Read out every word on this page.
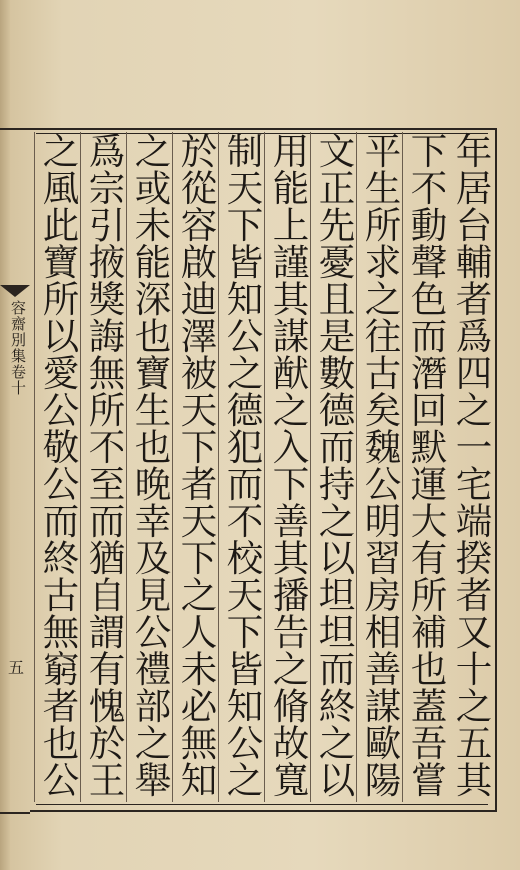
容齋別集卷十
五
年居台輔者爲四之一宅端揆者又十之五其
下不動聲色而潛回默運大有所補也蓋吾嘗
平生所求之往古矣魏公明習房相善謀歐陽
文正先憂且是數德而持之以坦坦而終之以
用能上謹其謀猷之入下善其播告之脩故寬
制天下皆知公之德犯而不校天下皆知公之
於從容啟迪澤被天下者天下之人未必無知
之或未能深也寶生也晚幸及見公禮部之舉
爲宗引掖獎誨無所不至而猶自謂有愧於王
之風此寶所以愛公敬公而終古無窮者也公
